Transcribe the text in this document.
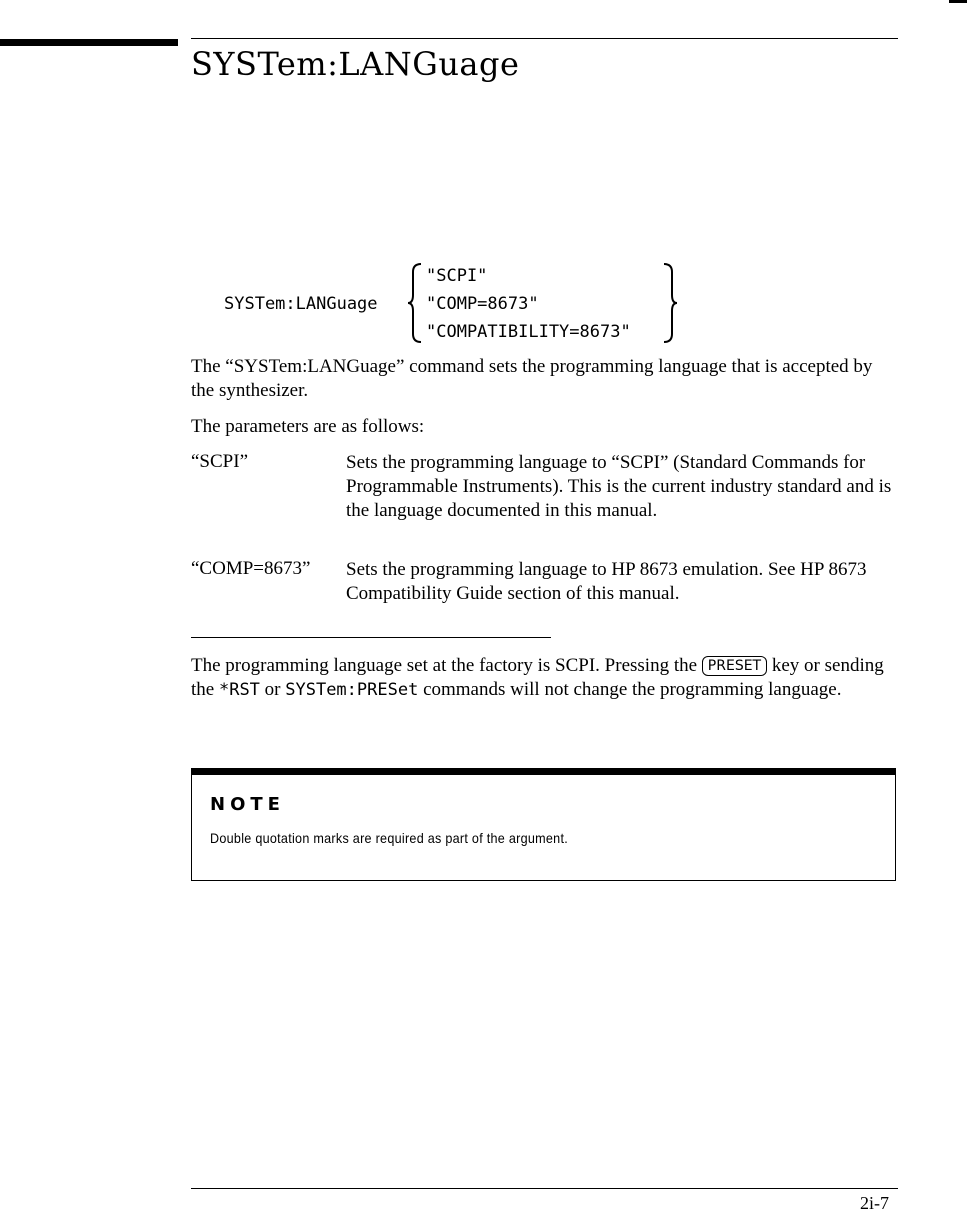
SYSTem:LANGuage
SYSTem:LANGuage
"SCPI"
"COMP=8673"
"COMPATIBILITY=8673"
The “SYSTem:LANGuage” command sets the programming language that is accepted by the synthesizer.
The parameters are as follows:
“SCPI”	Sets the programming language to “SCPI” (Standard Commands for Programmable Instruments). This is the current industry standard and is the language documented in this manual.
“COMP=8673” Sets the programming language to HP 8673 emulation. See HP 8673 Compatibility Guide section of this manual.
The programming language set at the factory is SCPI. Pressing the PRESET key or sending the *RST or SYSTem:PRESet commands will not change the programming language.
NOTE
Double quotation marks are required as part of the argument.
2i-7
